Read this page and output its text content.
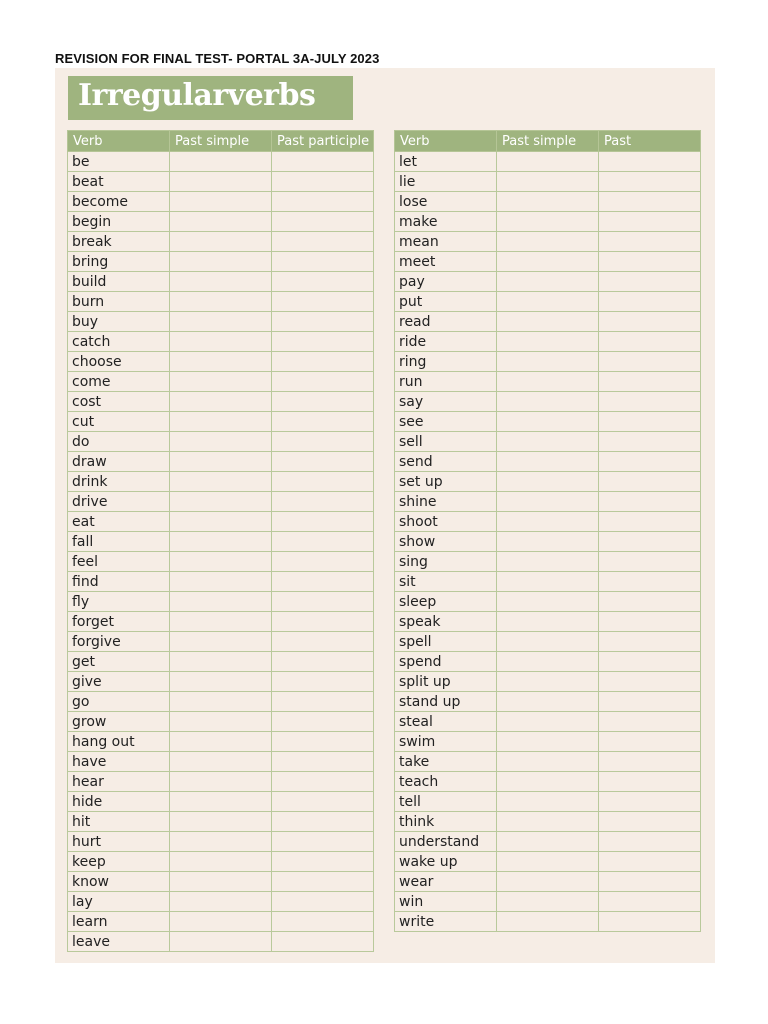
REVISION FOR FINAL TEST- PORTAL 3A-JULY 2023
Irregularverbs
Verb	Past simple	Past participle
be		
beat		
become		
begin		
break		
bring		
build		
burn		
buy		
catch		
choose		
come		
cost		
cut		
do		
draw		
drink		
drive		
eat		
fall		
feel		
find		
fly		
forget		
forgive		
get		
give		
go		
grow		
hang out		
have		
hear		
hide		
hit		
hurt		
keep		
know		
lay		
learn		
leave		
Verb	Past simple	Past
let		
lie		
lose		
make		
mean		
meet		
pay		
put		
read		
ride		
ring		
run		
say		
see		
sell		
send		
set up		
shine		
shoot		
show		
sing		
sit		
sleep		
speak		
spell		
spend		
split up		
stand up		
steal		
swim		
take		
teach		
tell		
think		
understand		
wake up		
wear		
win		
write		
